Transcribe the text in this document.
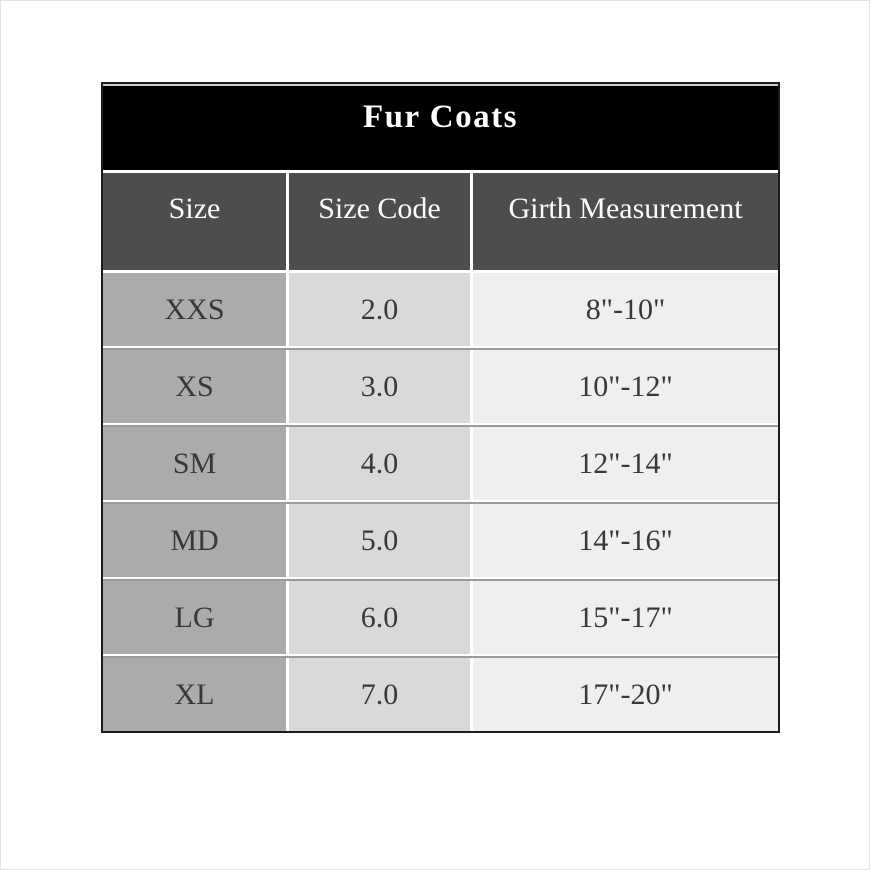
Fur Coats
Size	Size Code	Girth Measurement
XXS	2.0	8"-10"
XS	3.0	10"-12"
SM	4.0	12"-14"
MD	5.0	14"-16"
LG	6.0	15"-17"
XL	7.0	17"-20"
